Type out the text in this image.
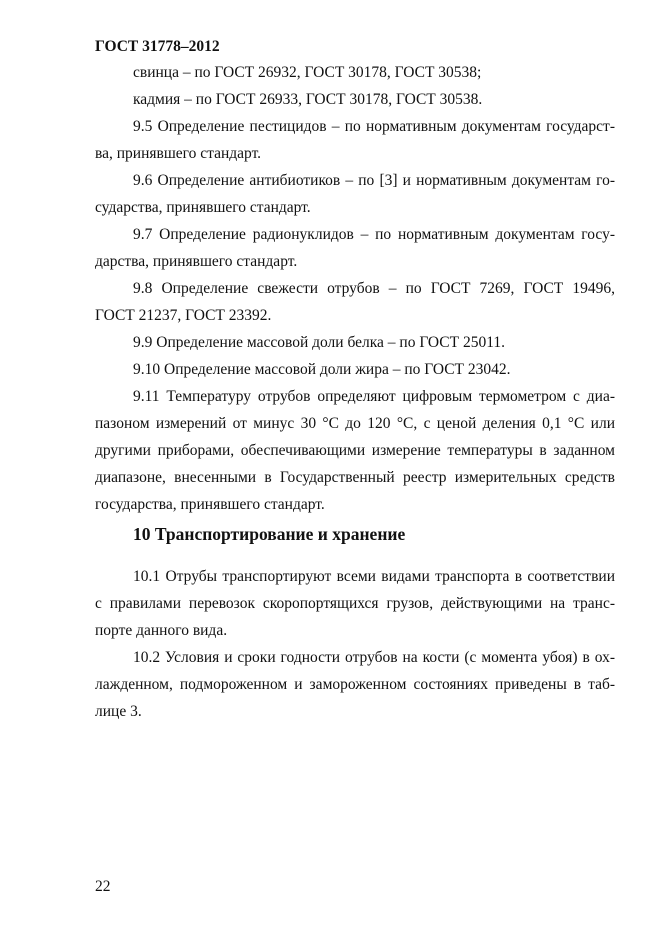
ГОСТ 31778–2012
свинца – по ГОСТ 26932, ГОСТ 30178, ГОСТ 30538;
кадмия – по ГОСТ 26933, ГОСТ 30178, ГОСТ 30538.
9.5 Определение пестицидов – по нормативным документам государст-
ва, принявшего стандарт.
9.6 Определение антибиотиков – по [3] и нормативным документам го-
сударства, принявшего стандарт.
9.7 Определение радионуклидов – по нормативным документам госу-
дарства, принявшего стандарт.
9.8 Определение свежести отрубов – по ГОСТ 7269, ГОСТ 19496,
ГОСТ 21237, ГОСТ 23392.
9.9 Определение массовой доли белка – по ГОСТ 25011.
9.10 Определение массовой доли жира – по ГОСТ 23042.
9.11 Температуру отрубов определяют цифровым термометром с диа-
пазоном измерений от минус 30 °С до 120 °С, с ценой деления 0,1 °С или
другими приборами, обеспечивающими измерение температуры в заданном
диапазоне, внесенными в Государственный реестр измерительных средств
государства, принявшего стандарт.
10 Транспортирование и хранение
10.1 Отрубы транспортируют всеми видами транспорта в соответствии
с правилами перевозок скоропортящихся грузов, действующими на транс-
порте данного вида.
10.2 Условия и сроки годности отрубов на кости (с момента убоя) в ох-
лажденном, подмороженном и замороженном состояниях приведены в таб-
лице 3.
22
